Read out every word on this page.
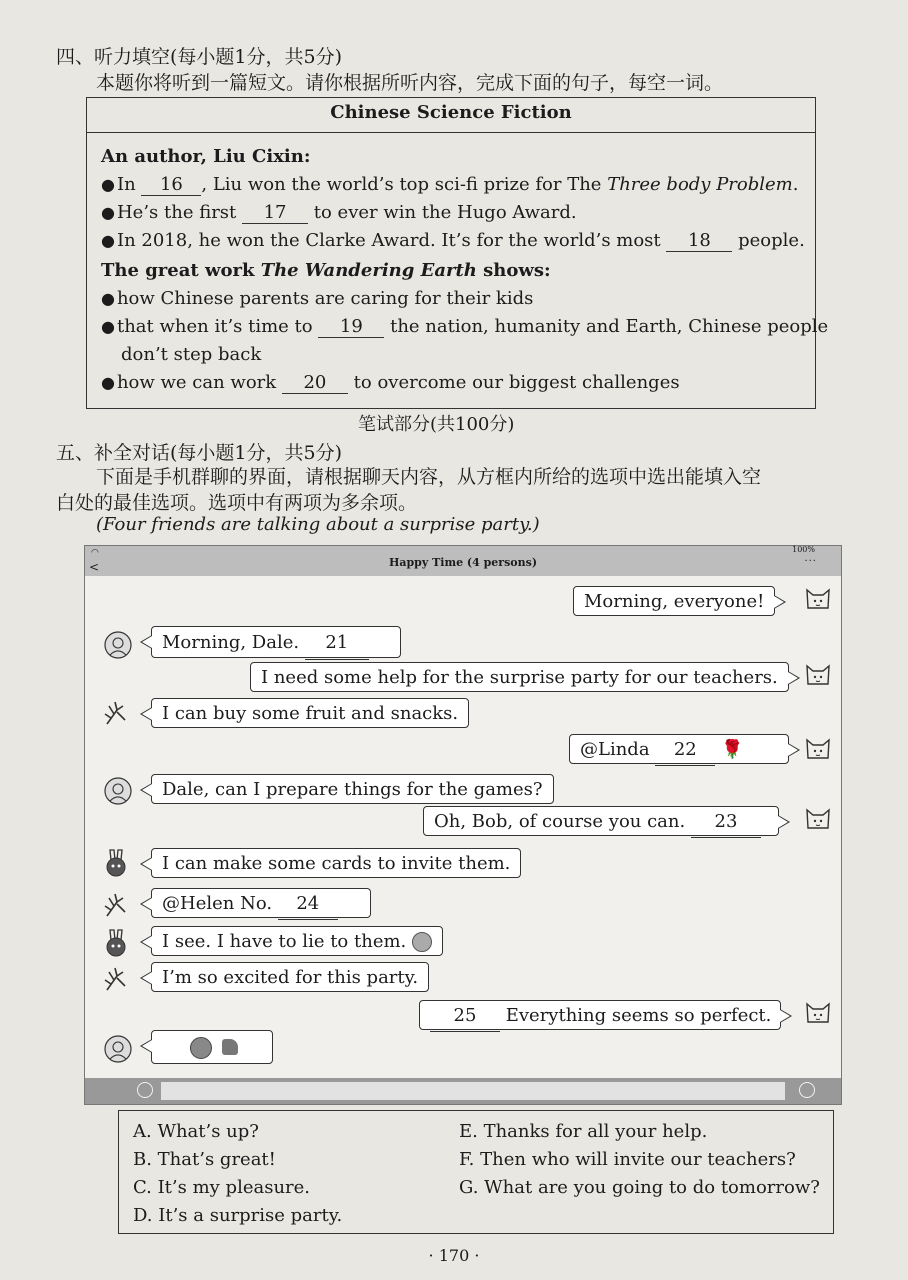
四、听力填空(每小题1分，共5分)
本题你将听到一篇短文。请你根据所听内容，完成下面的句子，每空一词。
Chinese Science Fiction
An author, Liu Cixin:
● In 16 , Liu won the world’s top sci-fi prize for The Three body Problem.
● He’s the first 17 to ever win the Hugo Award.
● In 2018, he won the Clarke Award. It’s for the world’s most 18 people.
The great work The Wandering Earth shows:
● how Chinese parents are caring for their kids
● that when it’s time to 19 the nation, humanity and Earth, Chinese people
don’t step back
● how we can work 20 to overcome our biggest challenges
笔试部分(共100分)
五、补全对话(每小题1分，共5分)
下面是手机群聊的界面，请根据聊天内容，从方框内所给的选项中选出能填入空
白处的最佳选项。选项中有两项为多余项。
(Four friends are talking about a surprise party.)
◠
<
100%
···
Happy Time (4 persons)
Morning, everyone!
Morning, Dale. 21
I need some help for the surprise party for our teachers.
I can buy some fruit and snacks.
@Linda 22 🌹
Dale, can I prepare things for the games?
Oh, Bob, of course you can. 23
I can make some cards to invite them.
@Helen No. 24
I see. I have to lie to them.
I’m so excited for this party.
25 Everything seems so perfect.
A. What’s up?
B. That’s great!
C. It’s my pleasure.
D. It’s a surprise party.
E. Thanks for all your help.
F. Then who will invite our teachers?
G. What are you going to do tomorrow?
· 170 ·
